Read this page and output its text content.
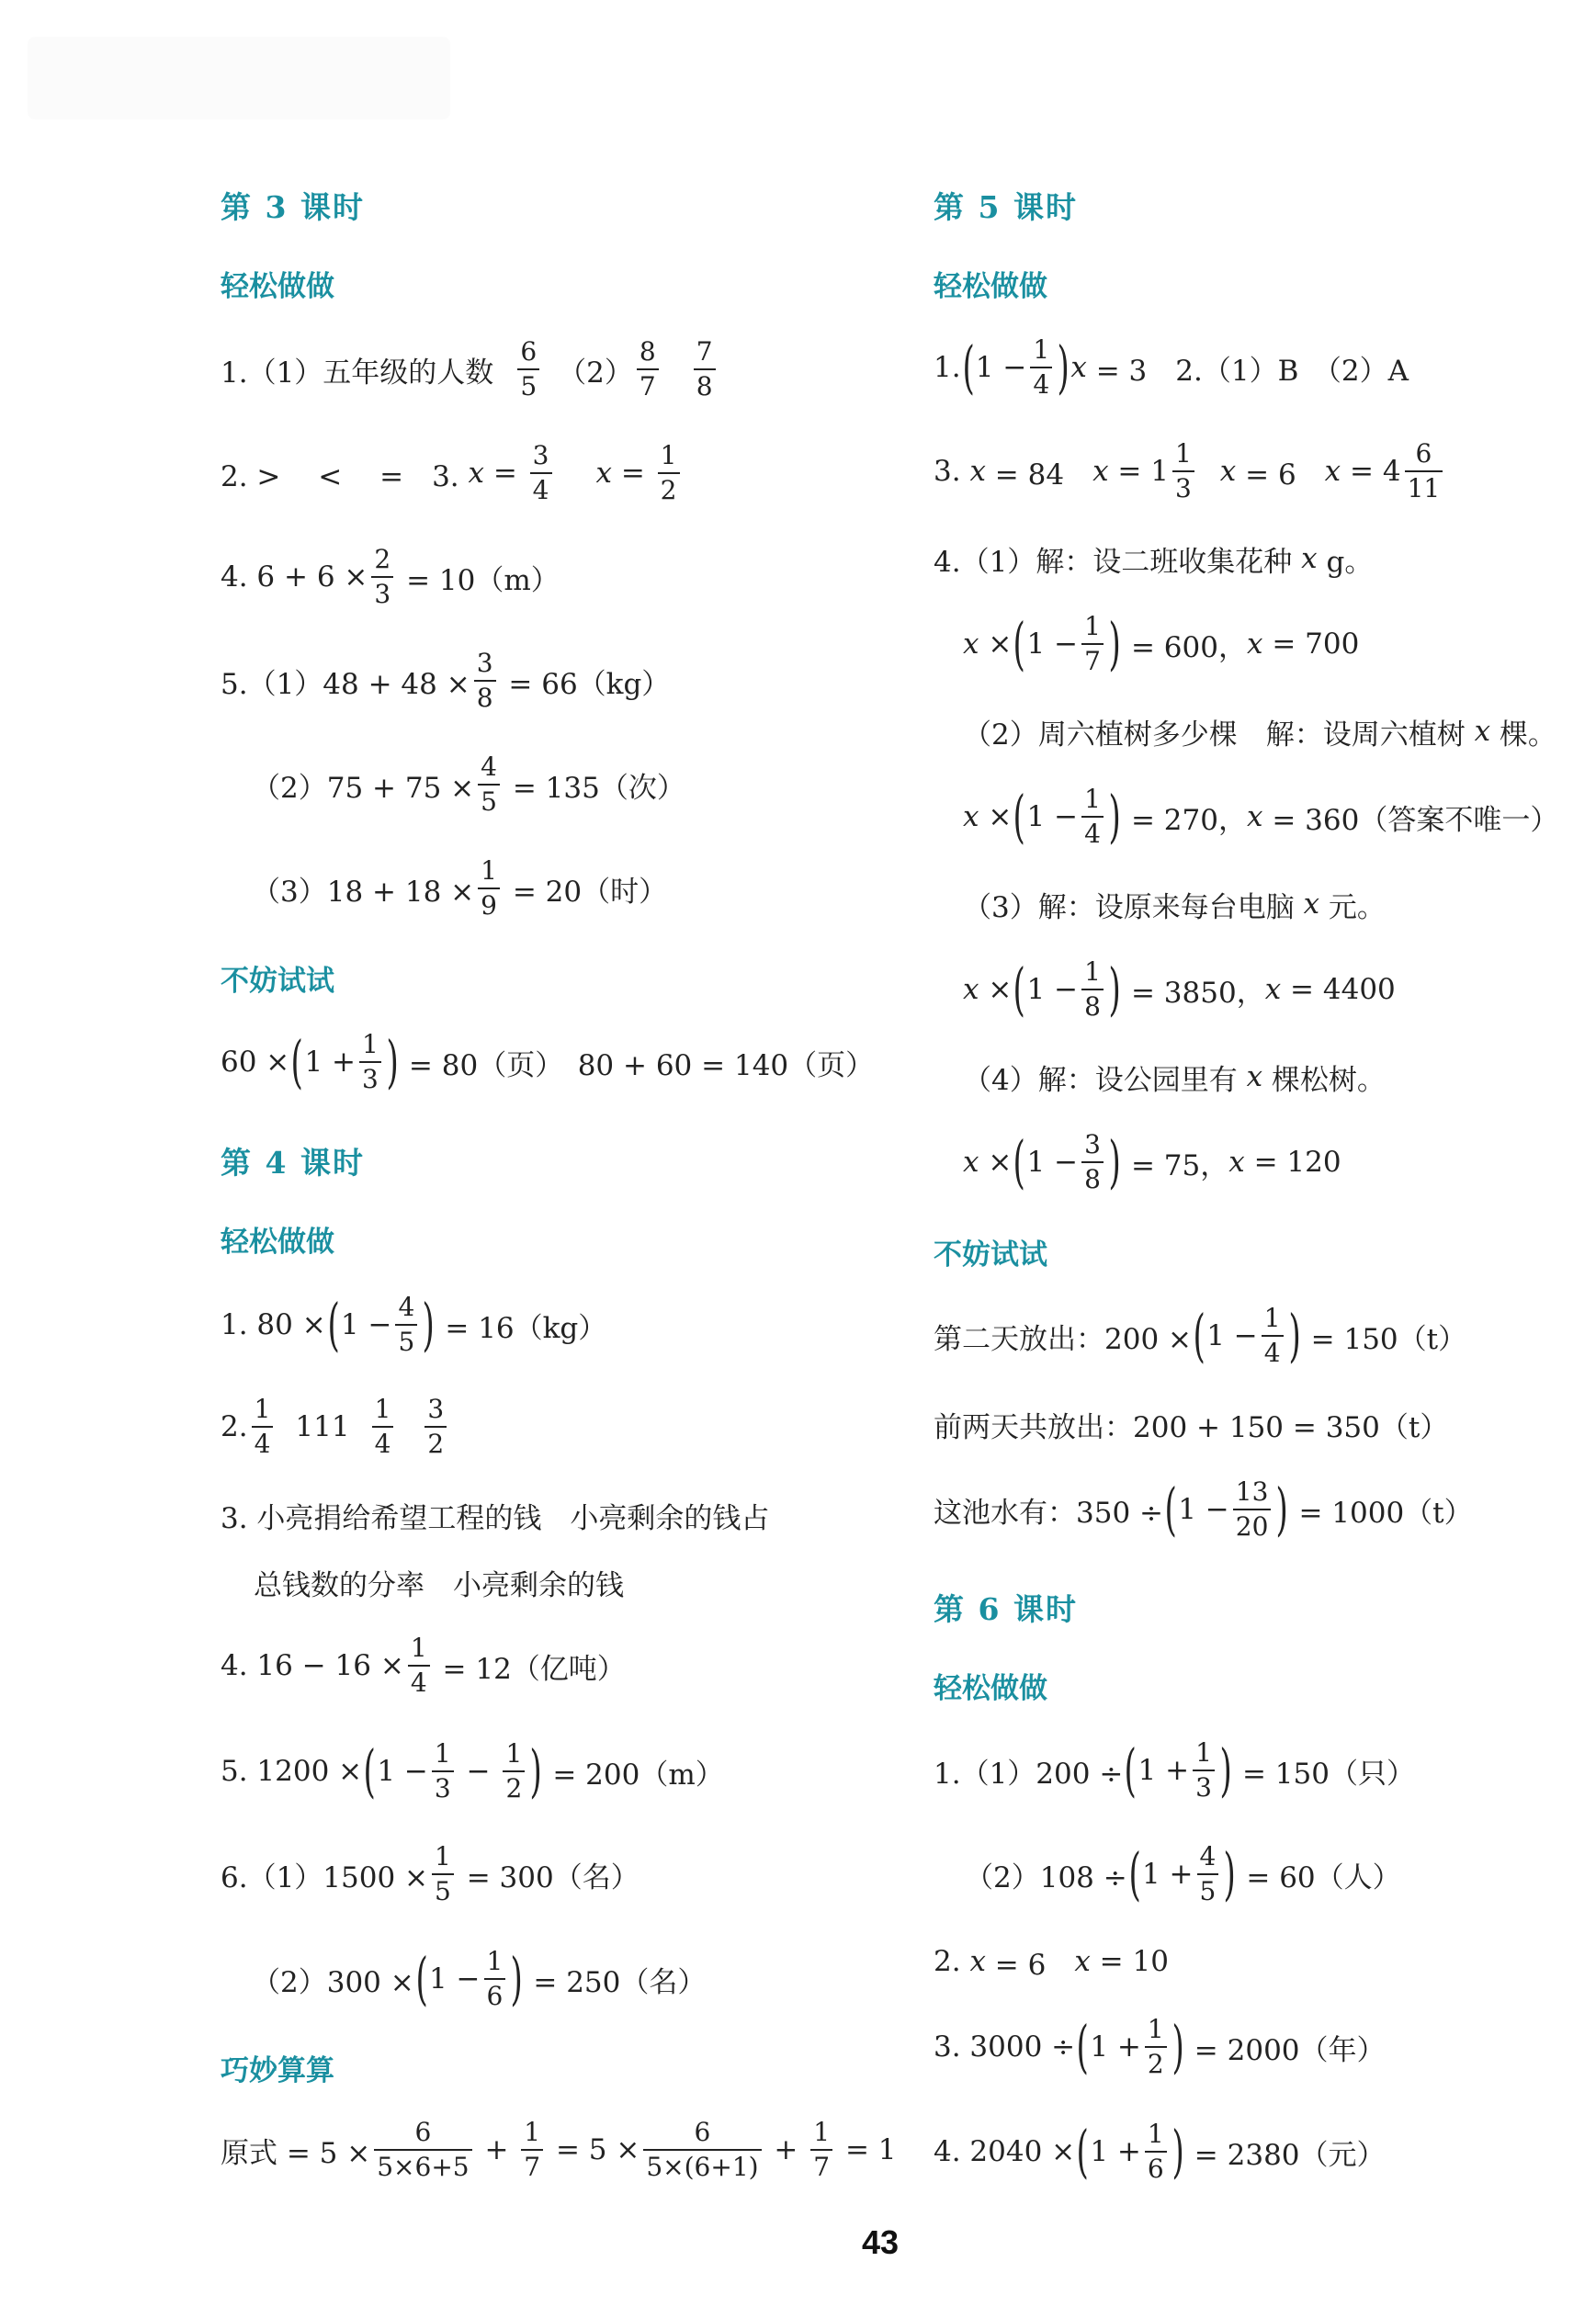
第 3 课时
轻松做做
1.（1）五年级的人数 $\frac{6}{5} (2) \frac{8}{7} \frac{7}{8}$
2. >　 <　 =　3. $x = \frac{3}{4}$ $x = \frac{1}{2}$
4. $6 + 6 \times \frac{2}{3} = 10(m)$
$5.(1)48 + 48 \times \frac{3}{8} = 66(kg)$
$(2)75 + 75 \times \frac{4}{5} = 135$（次）
$(3)18 + 18 \times \frac{1}{9} = 20$（时）
不妨试试
60 × ( $1 + \frac{1}{3}$ ) = 80（页）　80 + 60 = 140（页）
第 4 课时
轻松做做
1. 80 × ( $1 - \frac{4}{5}$ ) = 16（kg）
2. $\frac{1}{4} 111 \frac{1}{4} \frac{3}{2}$
3. 小亮捐给希望工程的钱　小亮剩余的钱占
总钱数的分率　小亮剩余的钱
4. $16 - 16 \times \frac{1}{4} = 12$（亿吨）
5. 1200 × ( $1 - \frac{1}{3} - \frac{1}{2}$ ) = 200（m）
$6.(1)1500 \times \frac{1}{5} = 300$（名）
（2）300 × ( $1 - \frac{1}{6}$ ) = 250（名）
巧妙算算
原式 = $5 \times \frac{6}{5\times 6+5} + \frac{1}{7} = 5 \times \frac{6}{5\times(6+1)} + \frac{1}{7} = 1$
第 5 课时
轻松做做
1. ( $1 - \frac{1}{4}$ ) x = 3　2.（1）B　（2）A
3. x = 84　 $x = 1 \frac{1}{3}$ x = 6　 $x = 4 \frac{6}{11}$
4.（1）解：设二班收集花种 x g。
x × ( $1 - \frac{1}{7}$ ) = 600， x = 700
（2）周六植树多少棵　解：设周六植树 x 棵。
x × ( $1 - \frac{1}{4}$ ) = 270， x = 360（答案不唯一）
（3）解：设原来每台电脑 x 元。
x × ( $1 - \frac{1}{8}$ ) = 3850， x = 4400
（4）解：设公园里有 x 棵松树。
x × ( $1 - \frac{3}{8}$ ) = 75， x = 120
不妨试试
第二天放出：200 × ( $1 - \frac{1}{4}$ ) = 150（t）
前两天共放出：200 + 150 = 350（t）
这池水有：350 ÷ ( $1 - \frac{13}{20}$ ) = 1000（t）
第 6 课时
轻松做做
1.（1）200 ÷ ( $1 + \frac{1}{3}$ ) = 150（只）
（2）108 ÷ ( $1 + \frac{4}{5}$ ) = 60（人）
2. x = 6　 x = 10
3. 3000 ÷ ( $1 + \frac{1}{2}$ ) = 2000（年）
4. 2040 × ( $1 + \frac{1}{6}$ ) = 2380（元）
43
